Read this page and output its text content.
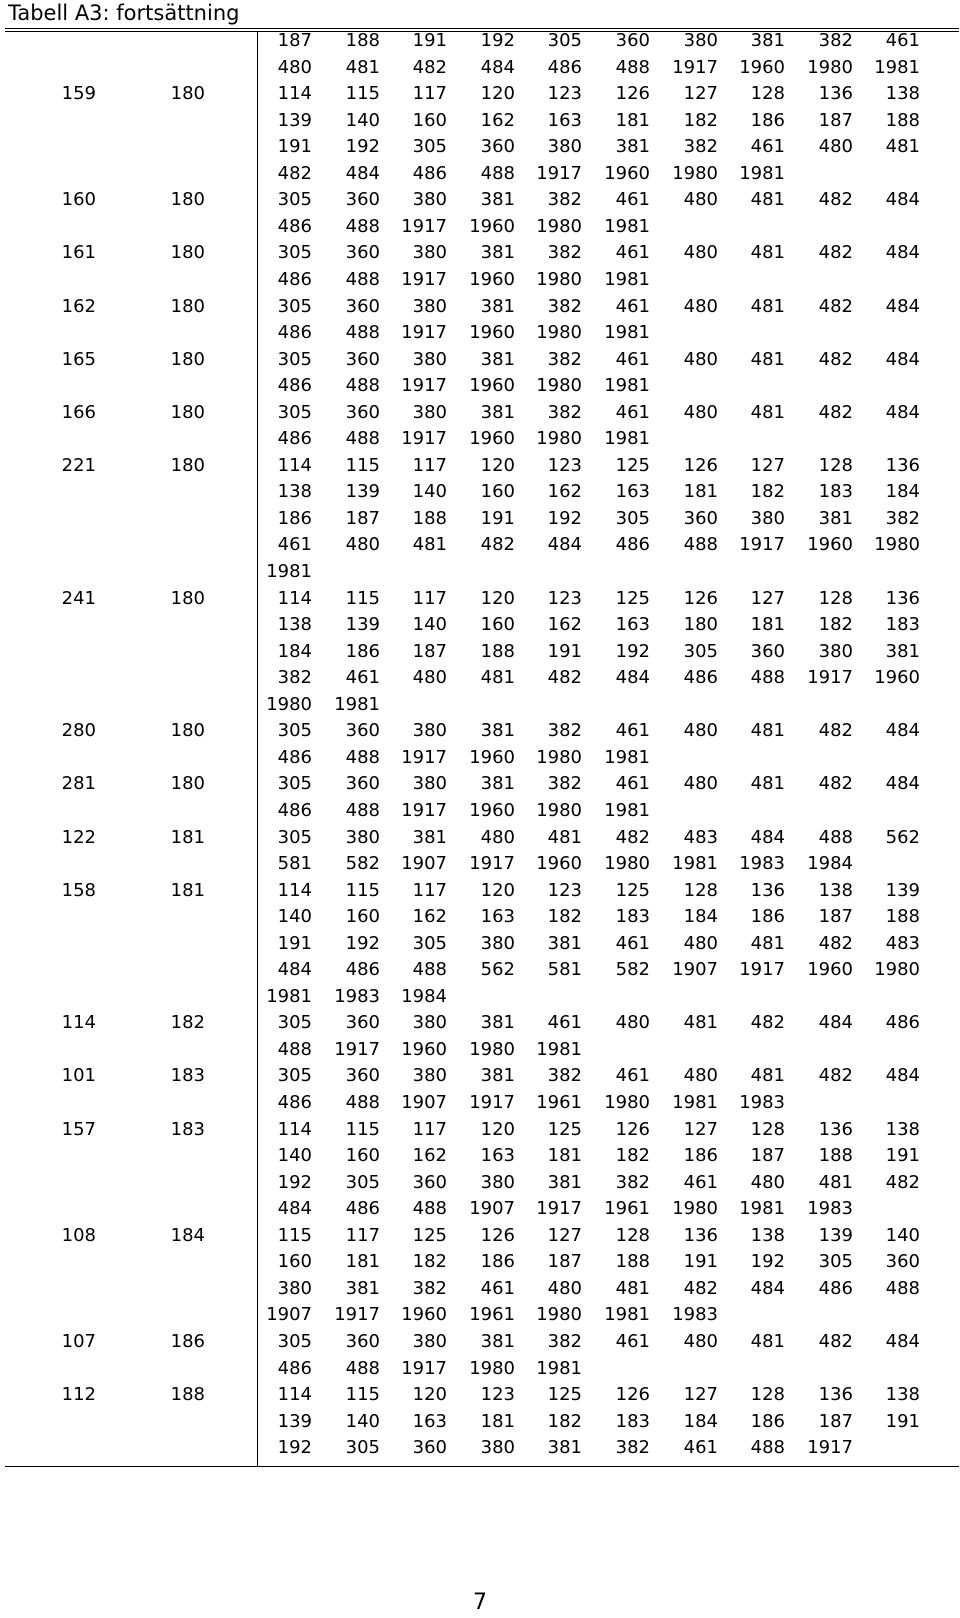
Tabell A3: fortsättning
187	188	191	192	305	360	380	381	382	461
480	481	482	484	486	488	1917	1960	1980	1981
159	180	114	115	117	120	123	126	127	128	136	138
139	140	160	162	163	181	182	186	187	188
191	192	305	360	380	381	382	461	480	481
482	484	486	488	1917	1960	1980	1981
160	180	305	360	380	381	382	461	480	481	482	484
486	488	1917	1960	1980	1981
161	180	305	360	380	381	382	461	480	481	482	484
486	488	1917	1960	1980	1981
162	180	305	360	380	381	382	461	480	481	482	484
486	488	1917	1960	1980	1981
165	180	305	360	380	381	382	461	480	481	482	484
486	488	1917	1960	1980	1981
166	180	305	360	380	381	382	461	480	481	482	484
486	488	1917	1960	1980	1981
221	180	114	115	117	120	123	125	126	127	128	136
138	139	140	160	162	163	181	182	183	184
186	187	188	191	192	305	360	380	381	382
461	480	481	482	484	486	488	1917	1960	1980
1981
241	180	114	115	117	120	123	125	126	127	128	136
138	139	140	160	162	163	180	181	182	183
184	186	187	188	191	192	305	360	380	381
382	461	480	481	482	484	486	488	1917	1960
1980	1981
280	180	305	360	380	381	382	461	480	481	482	484
486	488	1917	1960	1980	1981
281	180	305	360	380	381	382	461	480	481	482	484
486	488	1917	1960	1980	1981
122	181	305	380	381	480	481	482	483	484	488	562
581	582	1907	1917	1960	1980	1981	1983	1984
158	181	114	115	117	120	123	125	128	136	138	139
140	160	162	163	182	183	184	186	187	188
191	192	305	380	381	461	480	481	482	483
484	486	488	562	581	582	1907	1917	1960	1980
1981	1983	1984
114	182	305	360	380	381	461	480	481	482	484	486
488	1917	1960	1980	1981
101	183	305	360	380	381	382	461	480	481	482	484
486	488	1907	1917	1961	1980	1981	1983
157	183	114	115	117	120	125	126	127	128	136	138
140	160	162	163	181	182	186	187	188	191
192	305	360	380	381	382	461	480	481	482
484	486	488	1907	1917	1961	1980	1981	1983
108	184	115	117	125	126	127	128	136	138	139	140
160	181	182	186	187	188	191	192	305	360
380	381	382	461	480	481	482	484	486	488
1907	1917	1960	1961	1980	1981	1983
107	186	305	360	380	381	382	461	480	481	482	484
486	488	1917	1980	1981
112	188	114	115	120	123	125	126	127	128	136	138
139	140	163	181	182	183	184	186	187	191
192	305	360	380	381	382	461	488	1917
7
